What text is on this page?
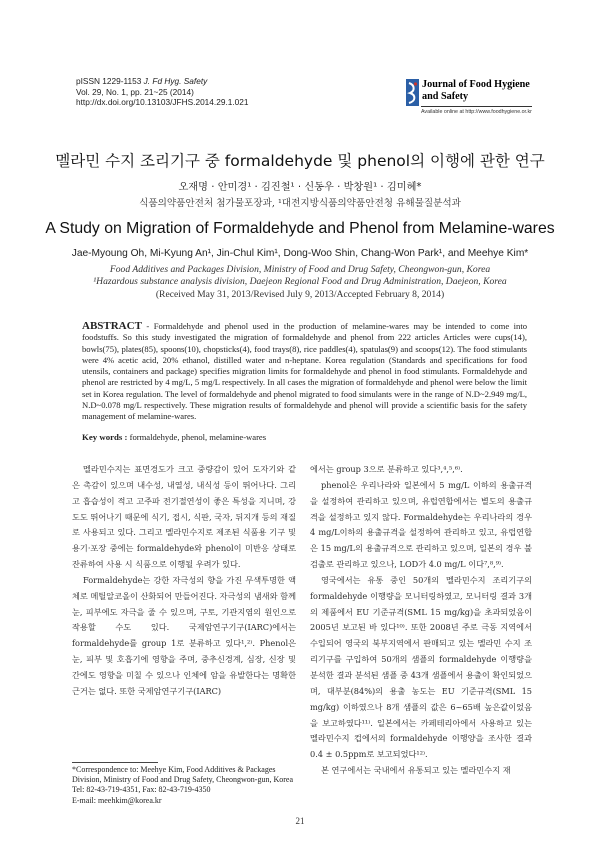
pISSN 1229-1153 J. Fd Hyg. Safety
Vol. 29, No. 1, pp. 21~25 (2014)
http://dx.doi.org/10.13103/JFHS.2014.29.1.021
Journal of Food Hygiene
and Safety
Available online at http://www.foodhygiene.or.kr
멜라민 수지 조리기구 중 formaldehyde 및 phenol의 이행에 관한 연구
오재명 · 안미경¹ · 김진철¹ · 신동우 · 박창원¹ · 김미혜*
식품의약품안전처 첨가물포장과, ¹대전지방식품의약품안전청 유해물질분석과
A Study on Migration of Formaldehyde and Phenol from Melamine-wares
Jae-Myoung Oh, Mi-Kyung An¹, Jin-Chul Kim¹, Dong-Woo Shin, Chang-Won Park¹, and Meehye Kim*
Food Additives and Packages Division, Ministry of Food and Drug Safety, Cheongwon-gun, Korea
¹Hazardous substance analysis division, Daejeon Regional Food and Drug Administration, Daejeon, Korea
(Received May 31, 2013/Revised July 9, 2013/Accepted February 8, 2014)
ABSTRACT - Formaldehyde and phenol used in the production of melamine-wares may be intended to come into foodstuffs. So this study investigated the migration of formaldehyde and phenol from 222 articles Articles were cups(14), bowls(75), plates(85), spoons(10), chopsticks(4), food trays(8), rice paddles(4), spatulas(9) and scoops(12). The food stimulants were 4% acetic acid, 20% ethanol, distilled water and n-heptane. Korea regulation (Standards and specifications for food utensils, containers and package) specifies migration limits for formaldehyde and phenol in food stimulants. Formaldehyde and phenol are restricted by 4 mg/L, 5 mg/L respectively. In all cases the migration of formaldehyde and phenol were below the limit set in Korea regulation. The level of formaldehyde and phenol migrated to food simulants were in the range of N.D~2.949 mg/L, N.D~0.078 mg/L respectively. These migration results of formaldehyde and phenol will provide a scientific basis for the safety management of melamine-wares.
Key words : formaldehyde, phenol, melamine-wares

멜라민수지는 표면경도가 크고 중량감이 있어 도자기와 같은 촉감이 있으며 내수성, 내열성, 내식성 등이 뛰어나다. 그리고 흡습성이 적고 고주파 전기절연성이 좋은 특성을 지니며, 강도도 뛰어나기 때문에 식기, 접시, 식판, 국자, 뒤지개 등의 재질로 사용되고 있다. 그리고 멜라민수지로 제조된 식품용 기구 및 용기·포장 중에는 formaldehyde와 phenol이 미반응 상태로 잔류하여 사용 시 식품으로 이행될 우려가 있다.

Formaldehyde는 강한 자극성의 향을 가진 무색투명한 액체로 메틸알코올이 산화되어 만들어진다. 자극성의 냄새와 함께 눈, 피부에도 자극을 줄 수 있으며, 구토, 기관지염의 원인으로 작용할 수도 있다. 국제암연구기구(IARC)에서는 formaldehyde를 group 1로 분류하고 있다¹,²⁾. Phenol은 눈, 피부 및 호흡기에 영향을 주며, 중추신경계, 심장, 신장 및 간에도 영향을 미칠 수 있으나 인체에 암을 유발한다는 명확한 근거는 없다. 또한 국제암연구기구(IARC)

에서는 group 3으로 분류하고 있다³,⁴,⁵,⁶⁾.

phenol은 우리나라와 일본에서 5 mg/L 이하의 용출규격을 설정하여 관리하고 있으며, 유럽연합에서는 별도의 용출규격을 설정하고 있지 않다. Formaldehyde는 우리나라의 경우 4 mg/L이하의 용출규격을 설정하여 관리하고 있고, 유럽연합은 15 mg/L의 용출규격으로 관리하고 있으며, 일본의 경우 불검출로 관리하고 있으나, LOD가 4.0 mg/L 이다⁷,⁸,⁹⁾.

영국에서는 유통 중인 50개의 멜라민수지 조리기구의 formaldehyde 이행량을 모니터링하였고, 모니터링 결과 3개의 제품에서 EU 기준규격(SML 15 mg/kg)을 초과되었음이 2005년 보고된 바 있다¹⁰⁾. 또한 2008년 주로 극동 지역에서 수입되어 영국의 북부지역에서 판매되고 있는 멜라민 수지 조리기구를 구입하여 50개의 샘플의 formaldehyde 이행량을 분석한 결과 분석된 샘플 중 43개 샘플에서 용출이 확인되었으며, 대부분(84%)의 용출 농도는 EU 기준규격(SML 15 mg/kg) 이하였으나 8개 샘플의 값은 6~65배 높은값이었음을 보고하였다¹¹⁾. 일본에서는 카페테리아에서 사용하고 있는 멜라민수지 컵에서의 formaldehyde 이행양을 조사한 결과 0.4 ± 0.5ppm로 보고되었다¹²⁾.

본 연구에서는 국내에서 유통되고 있는 멜라민수지 재

*Correspondence to: Meehye Kim, Food Additives & Packages Division, Ministry of Food and Drug Safety, Cheongwon-gun, Korea
Tel: 82-43-719-4351, Fax: 82-43-719-4350
E-mail: meehkim@korea.kr
21
